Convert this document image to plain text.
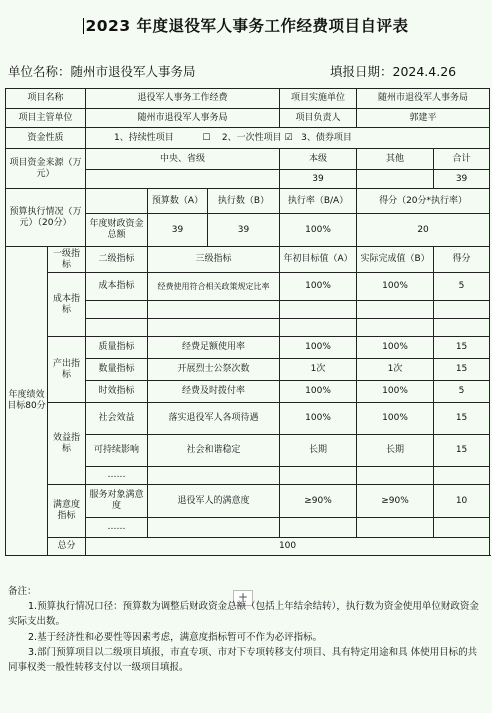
2023 年度退役军人事务工作经费项目自评表
单位名称：随州市退役军人事务局	填报日期：2024.4.26
项目名称		退役军人事务工作经费			项目实施单位	随州市退役军人事务局	
项目主管单位		随州市退役军人事务局			项目负责人	郭建平	
资金性质		1、持续性项目 ☐ 2、一次性项目 ☑ 3、债券项目					
项目资金来源（万元）		中央、省级			本级	其他	合计
					39		39
预算执行情况（万元）（20分）			预算数（A）	执行数（B）	执行率（B/A）	得分（20分*执行率）	
		年度财政资金总额	39	39	100%	20	
年度绩效目标80分	一级指标	二级指标	三级指标		年初目标值（A）	实际完成值（B）	得分
	成本指标	成本指标	经费使用符合相关政策规定比率		100%	100%	5

	产出指标	质量指标	经费足额使用率		100%	100%	15
		数量指标	开展烈士公祭次数		1次	1次	15
		时效指标	经费及时拨付率		100%	100%	5
	效益指标	社会效益	落实退役军人各项待遇		100%	100%	15
		可持续影响	社会和谐稳定		长期	长期	15
		……					
	满意度指标	服务对象满意度	退役军人的满意度		≥90%	≥90%	10
		……					
	总分	100					
+

备注：

1.预算执行情况口径：预算数为调整后财政资金总额（包括上年结余结转），执行数为资金使用单位财政资金实际支出数。

2.基于经济性和必要性等因素考虑，满意度指标暂可不作为必评指标。

3.部门预算项目以二级项目填报，市直专项、市对下专项转移支付项目、具有特定用途和具 体使用目标的共同事权类一般性转移支付以一级项目填报。
